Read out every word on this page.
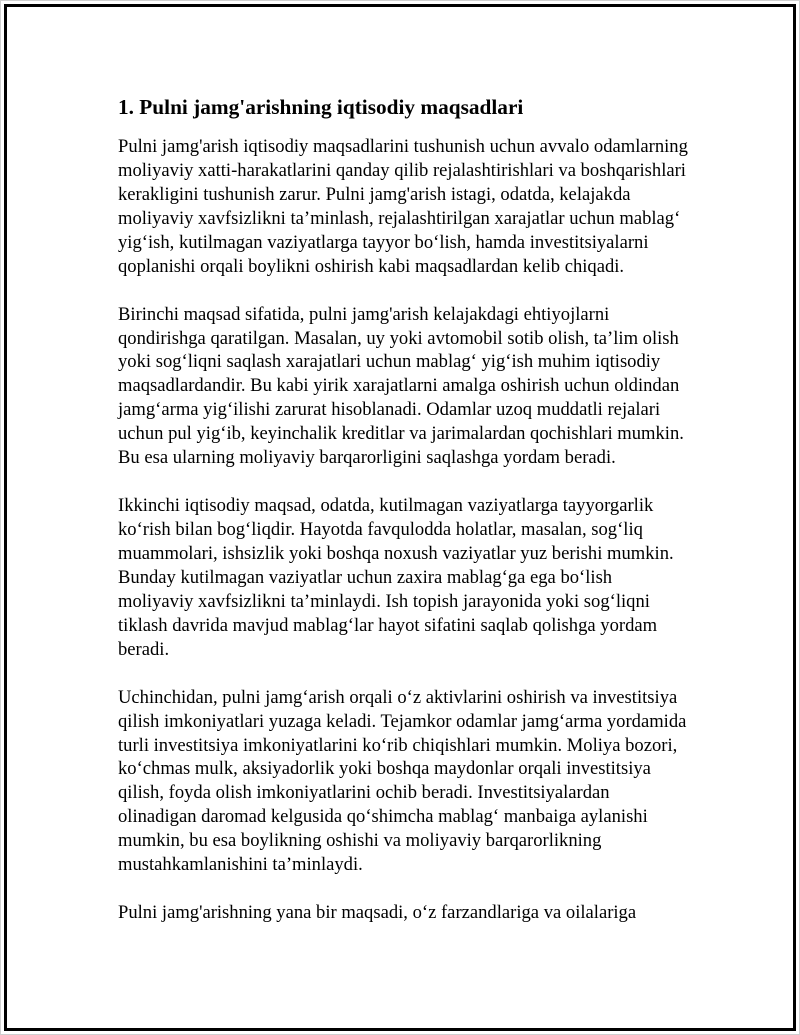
1. Pulni jamg'arishning iqtisodiy maqsadlari

Pulni jamg'arish iqtisodiy maqsadlarini tushunish uchun avvalo odamlarning
moliyaviy xatti-harakatlarini qanday qilib rejalashtirishlari va boshqarishlari
kerakligini tushunish zarur. Pulni jamg'arish istagi, odatda, kelajakda
moliyaviy xavfsizlikni ta’minlash, rejalashtirilgan xarajatlar uchun mablag‘
yig‘ish, kutilmagan vaziyatlarga tayyor bo‘lish, hamda investitsiyalarni
qoplanishi orqali boylikni oshirish kabi maqsadlardan kelib chiqadi.

Birinchi maqsad sifatida, pulni jamg'arish kelajakdagi ehtiyojlarni
qondirishga qaratilgan. Masalan, uy yoki avtomobil sotib olish, ta’lim olish
yoki sog‘liqni saqlash xarajatlari uchun mablag‘ yig‘ish muhim iqtisodiy
maqsadlardandir. Bu kabi yirik xarajatlarni amalga oshirish uchun oldindan
jamg‘arma yig‘ilishi zarurat hisoblanadi. Odamlar uzoq muddatli rejalari
uchun pul yig‘ib, keyinchalik kreditlar va jarimalardan qochishlari mumkin.
Bu esa ularning moliyaviy barqarorligini saqlashga yordam beradi.

Ikkinchi iqtisodiy maqsad, odatda, kutilmagan vaziyatlarga tayyorgarlik
ko‘rish bilan bog‘liqdir. Hayotda favqulodda holatlar, masalan, sog‘liq
muammolari, ishsizlik yoki boshqa noxush vaziyatlar yuz berishi mumkin.
Bunday kutilmagan vaziyatlar uchun zaxira mablag‘ga ega bo‘lish
moliyaviy xavfsizlikni ta’minlaydi. Ish topish jarayonida yoki sog‘liqni
tiklash davrida mavjud mablag‘lar hayot sifatini saqlab qolishga yordam
beradi.

Uchinchidan, pulni jamg‘arish orqali o‘z aktivlarini oshirish va investitsiya
qilish imkoniyatlari yuzaga keladi. Tejamkor odamlar jamg‘arma yordamida
turli investitsiya imkoniyatlarini ko‘rib chiqishlari mumkin. Moliya bozori,
ko‘chmas mulk, aksiyadorlik yoki boshqa maydonlar orqali investitsiya
qilish, foyda olish imkoniyatlarini ochib beradi. Investitsiyalardan
olinadigan daromad kelgusida qo‘shimcha mablag‘ manbaiga aylanishi
mumkin, bu esa boylikning oshishi va moliyaviy barqarorlikning
mustahkamlanishini ta’minlaydi.

Pulni jamg'arishning yana bir maqsadi, o‘z farzandlariga va oilalariga
